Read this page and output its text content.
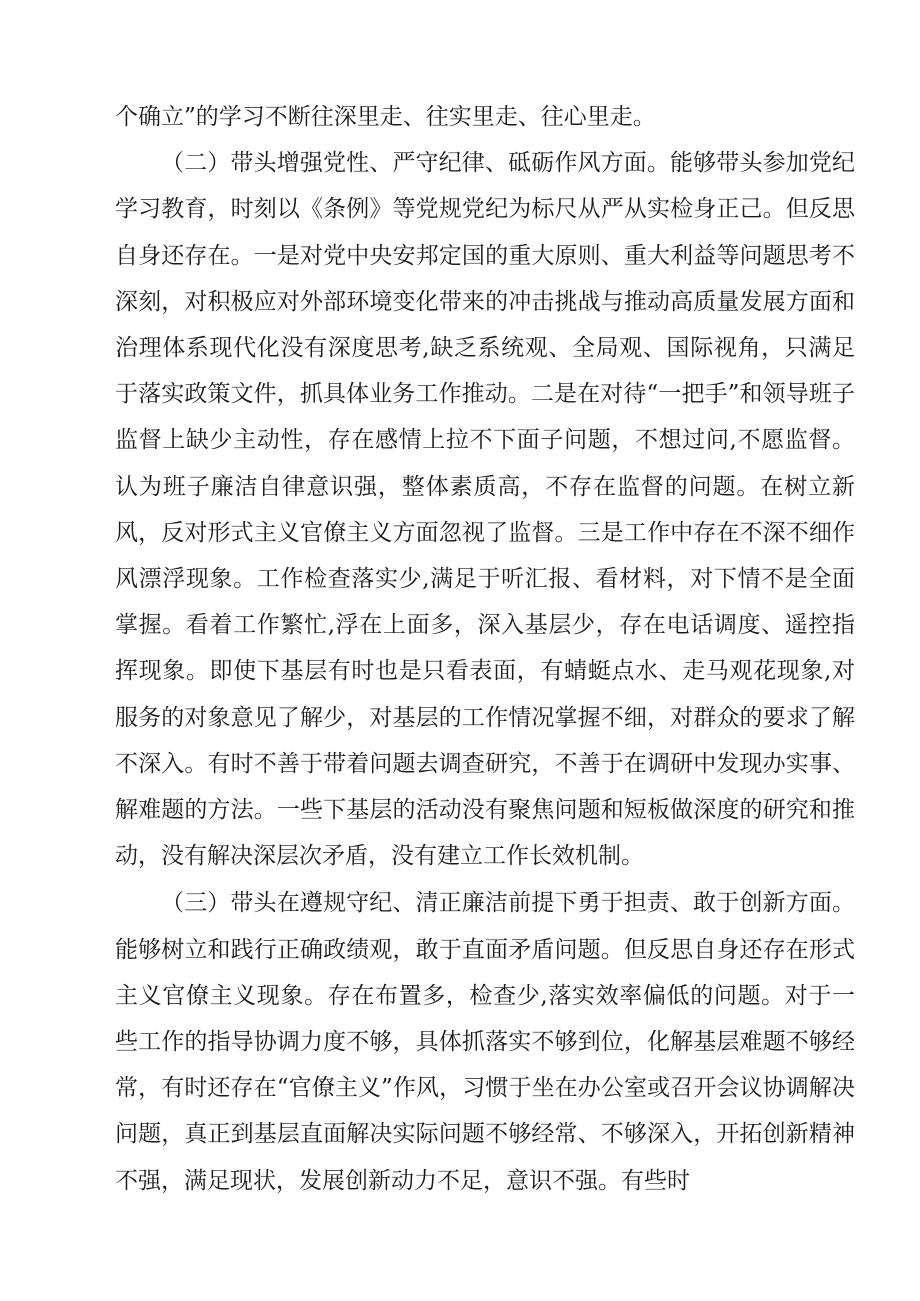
个确立”的学习不断往深里走、往实里走、往心里走。

（二）带头增强党性、严守纪律、砥砺作风方面。能够带头参加党纪学习教育，时刻以《条例》等党规党纪为标尺从严从实检身正己。但反思自身还存在。一是对党中央安邦定国的重大原则、重大利益等问题思考不深刻，对积极应对外部环境变化带来的冲击挑战与推动高质量发展方面和治理体系现代化没有深度思考,缺乏系统观、全局观、国际视角，只满足于落实政策文件，抓具体业务工作推动。二是在对待“一把手”和领导班子监督上缺少主动性，存在感情上拉不下面子问题，不想过问,不愿监督。认为班子廉洁自律意识强，整体素质高，不存在监督的问题。在树立新风，反对形式主义官僚主义方面忽视了监督。三是工作中存在不深不细作风漂浮现象。工作检查落实少,满足于听汇报、看材料，对下情不是全面掌握。看着工作繁忙,浮在上面多，深入基层少，存在电话调度、遥控指挥现象。即使下基层有时也是只看表面，有蜻蜓点水、走马观花现象,对服务的对象意见了解少，对基层的工作情况掌握不细，对群众的要求了解不深入。有时不善于带着问题去调查研究，不善于在调研中发现办实事、解难题的方法。一些下基层的活动没有聚焦问题和短板做深度的研究和推动，没有解决深层次矛盾，没有建立工作长效机制。

（三）带头在遵规守纪、清正廉洁前提下勇于担责、敢于创新方面。能够树立和践行正确政绩观，敢于直面矛盾问题。但反思自身还存在形式主义官僚主义现象。存在布置多，检查少,落实效率偏低的问题。对于一些工作的指导协调力度不够，具体抓落实不够到位，化解基层难题不够经常，有时还存在“官僚主义”作风，习惯于坐在办公室或召开会议协调解决问题，真正到基层直面解决实际问题不够经常、不够深入，开拓创新精神不强，满足现状，发展创新动力不足，意识不强。有些时
